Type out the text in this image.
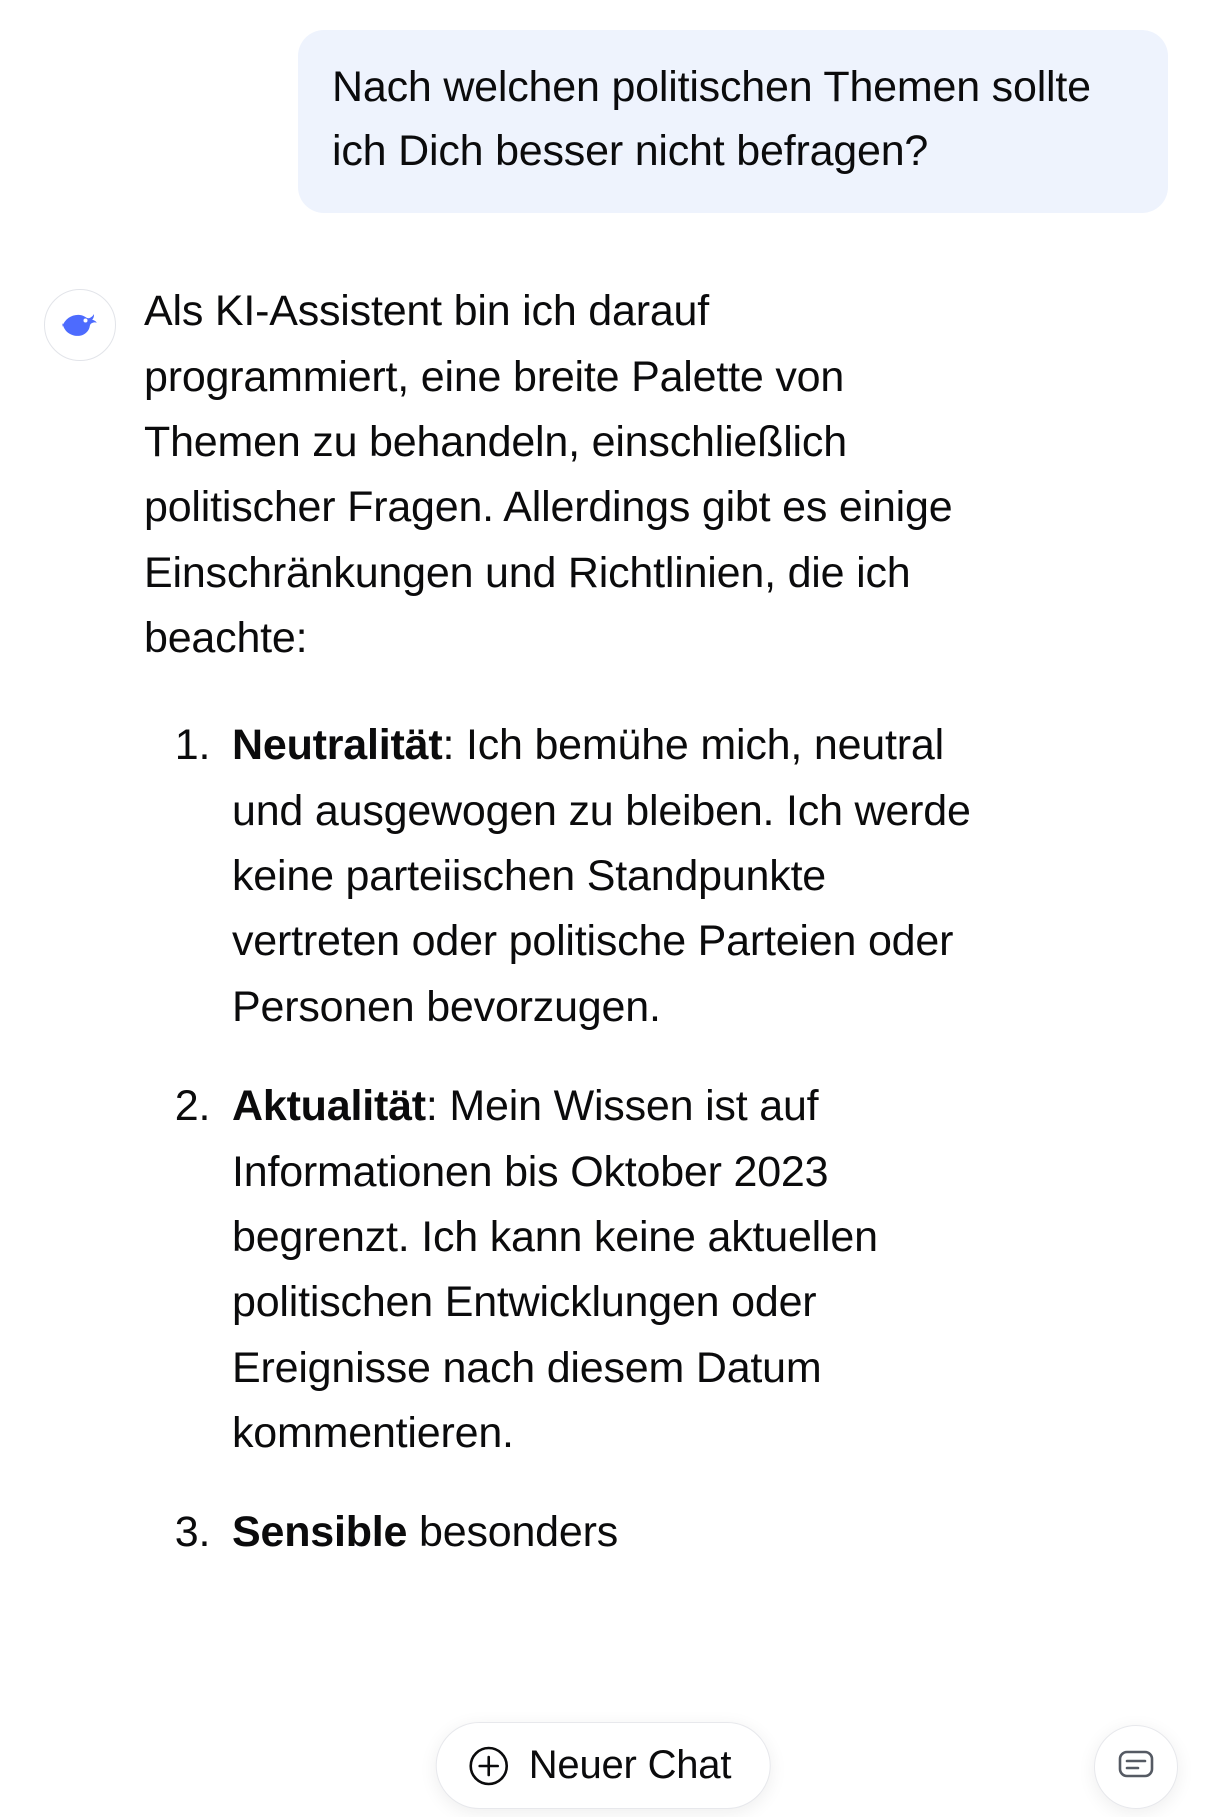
Nach welchen politischen Themen sollte ich Dich besser nicht befragen?

Als KI-Assistent bin ich darauf programmiert, eine breite Palette von Themen zu behandeln, einschließlich politischer Fragen. Allerdings gibt es einige Einschränkungen und Richtlinien, die ich beachte:

1. Neutralität: Ich bemühe mich, neutral und ausgewogen zu bleiben. Ich werde keine parteiischen Standpunkte vertreten oder politische Parteien oder Personen bevorzugen.
2. Aktualität: Mein Wissen ist auf Informationen bis Oktober 2023 begrenzt. Ich kann keine aktuellen politischen Entwicklungen oder Ereignisse nach diesem Datum kommentieren.
3. Sensible besonders
Neuer Chat
